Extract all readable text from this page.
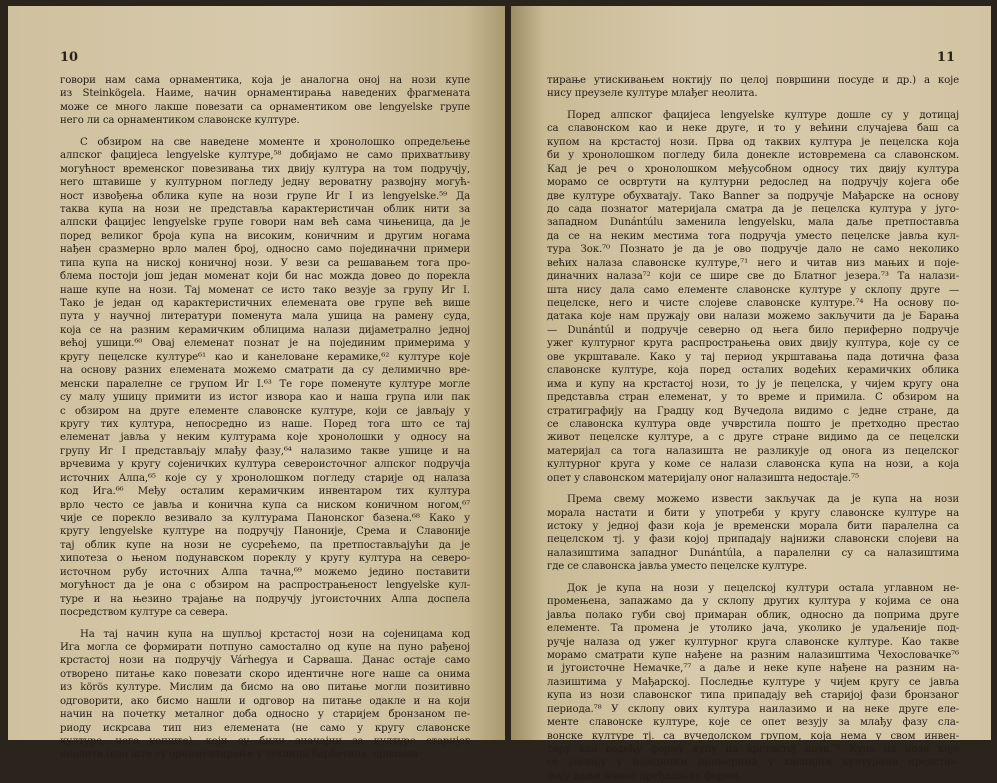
10
говори нам сама орнаментика, која је аналогна оној на нози купе
из Steinkögela. Наиме, начин орнаментирања наведених фрагмената
може се много лакше повезати са орнаментиком ове lengyelske групе
него ли са орнаментиком славонске културе.
С обзиром на све наведене моменте и хронолошко опредељење
алпског фацијеса lengyelske културе,⁵⁸ добијамо не само прихватљиву
могућност временског повезивања тих двију култура на том подручју,
него штавише у културном погледу једну вероватну развојну могућ-
ност извођења облика купе на нози групе Иг I из lengyelske.⁵⁹ Да
таква купа на нози не представља карактеристичан облик нити за
алпски фацијес lengyelske групе говори нам већ сама чињеница, да је
поред великог броја купа на високим, коничним и другим ногама
нађен сразмерно врло мален број, односно само појединачни примери
типа купа на ниској коничној нози. У вези са решавањем тога про-
блема постоји још један моменат који би нас можда довео до порекла
наше купе на нози. Тај моменат се исто тако везује за групу Иг I.
Тако је један од карактеристичних елемената ове групе већ више
пута у научној литератури поменута мала ушица на рамену суда,
која се на разним керамичким облицима налази дијаметрално једној
већој ушици.⁶⁰ Овај елеменат познат је на појединим примерима у
кругу пецелске културе⁶¹ као и канеловане керамике,⁶² културе које
на основу разних елемената можемо сматрати да су делимично вре-
менски паралелне се групом Иг I.⁶³ Те горе поменуте културе могле
су малу ушицу примити из истог извора као и наша група или пак
с обзиром на друге елементе славонске културе, који се јављају у
кругу тих култура, непосредно из наше. Поред тога што се тај
елеменат јавља у неким културама које хронолошки у односу на
групу Иг I представљају млађу фазу,⁶⁴ налазимо такве ушице и на
врчевима у кругу сојеничких култура североисточног алпског подручја
источних Алпа,⁶⁵ које су у хронолошком погледу старије од налаза
код Ига.⁶⁶ Међу осталим керамичким инвентаром тих култура
врло често се јавља и конична купа са ниском коничном ногом,⁶⁷
чије се порекло везивало за културама Панонског базена.⁶⁸ Како у
кругу lengyelske културе на подручју Панонијe, Срема и Славоније
тај облик купе на нози не сусрећемо, па претпостављајући да је
хипотеза о њеном подунавском пореклу у кругу култура на северо-
источном рубу источних Алпа тачна,⁶⁹ можемо једино поставити
могућност да је она с обзиром на распрострањеност lengyelske кул-
туре и на њезино трајање на подручју југоисточних Алпа доспела
посредством културе са севера.
На тај начин купа на шупљој крстастој нози на сојеницама код
Ига могла се формирати потпуно самостално од купе на пуно рађеној
крстастој нози на подручју Várhegya и Сарваша. Данас остаје само
отворено питање како повезати скоро идентичне ноге наше са онима
из körös културе. Мислим да бисмо на ово питање могли позитивно
одговорити, ако бисмо нашли и одговор на питање одакле и на који
начин на почетку металног доба односно у старијем бронзаном пе-
риоду искрсава тип низ елемената (не само у кругу славонске
културе, него уопште), који су били значајни за културе старијег
неолита (као што су орнаментирање у техници барботина, орнамен-
11
тирање утискивањем ноктију по целој површини посуде и др.) а које
нису преузеле културе млађег неолита.
Поред алпског фацијеса lengyelske културе дошле су у дотицај
са славонском као и неке друге, и то у већини случајева баш са
купом на крстастој нози. Прва од таквих култура је пецелска која
би у хронолошком погледу била донекле истовремена са славонском.
Кад је реч о хронолошком међусобном односу тих двију култура
морамо се освртути на културни редослед на подручју којега обе
две културе обухватају. Тако Banner за подручје Мађарске на основу
до сада познатог материјала сматра да је пецелска култура у југо-
западном Dunántúlu заменила lengyelsku, мала даље претпоставља
да се на неким местима тога подручја уместо пецелске јавља кул-
тура Зок.⁷⁰ Познато је да је ово подручје дало не само неколико
већих налаза славонске културе,⁷¹ него и читав низ мањих и поје-
диначних налаза⁷² који се шире све до Блатног језера.⁷³ Та налази-
шта нису дала само елементе славонске културе у склопу друге —
пецелске, него и чисте слојеве славонске културе.⁷⁴ На основу по-
датака које нам пружају ови налази можемо закључити да је Барања
— Dunántúl и подручје северно од њега било периферно подручје
ужег културног круга распрострањења ових двију култура, које су се
ове укрштавале. Како у тај период укрштавања пада дотична фаза
славонске културе, која поред осталих водећих керамичких облика
има и купу на крстастој нози, то ју је пецелска, у чијем кругу она
представља стран елеменат, у то време и примила. С обзиром на
стратиграфију на Градцу код Вучедола видимо с једне стране, да
се славонска култура овде учврстила пошто је претходно престао
живот пецелске културе, а с друге стране видимо да се пецелски
материјал са тога налазишта не разликује од онога из пецелског
културног круга у коме се налази славонска купа на нози, а која
опет у славонском материјалу оног налазишта недостаје.⁷⁵
Према свему можемо извести закључак да је купа на нози
морала настати и бити у употреби у кругу славонске културе на
истоку у једној фази која је временски морала бити паралелна са
пецелском тј. у фази којој припадају најнижи славонски слојеви на
налазиштима западног Dunántúla, а паралелни су са налазиштима
где се славонска јавља уместо пецелске културе.
Док је купа на нози у пецелској култури остала углавном не-
промењена, запажамо да у склопу других култура у којима се она
јавља полако губи свој примаран облик, односно да поприма друге
елементе. Та промена је утолико јача, уколико је удаљеније под-
ручје налаза од ужег културног круга славонске културе. Као такве
морамо сматрати купе нађене на разним налазиштима Чехословачке⁷⁶
и југоисточне Немачке,⁷⁷ а даље и неке купе нађене на разним на-
лазиштима у Мађарској. Последње културе у чијем кругу се јавља
купа из нози славонског типа припадају већ старијој фази бронзаног
периода.⁷⁸ У склопу ових култура наилазимо и на неке друге еле-
менте славонске културе, које се опет везују за млађу фазу сла-
вонске културе тј. са вучедолском групом, која нема у свом инвен-
тару као водећу форму купу на крстастој нози.⁷⁹ Купе на нози које
се јављају у појединим примерима у каснијим културама представ-
љају даљи живот пређашњих форми.
